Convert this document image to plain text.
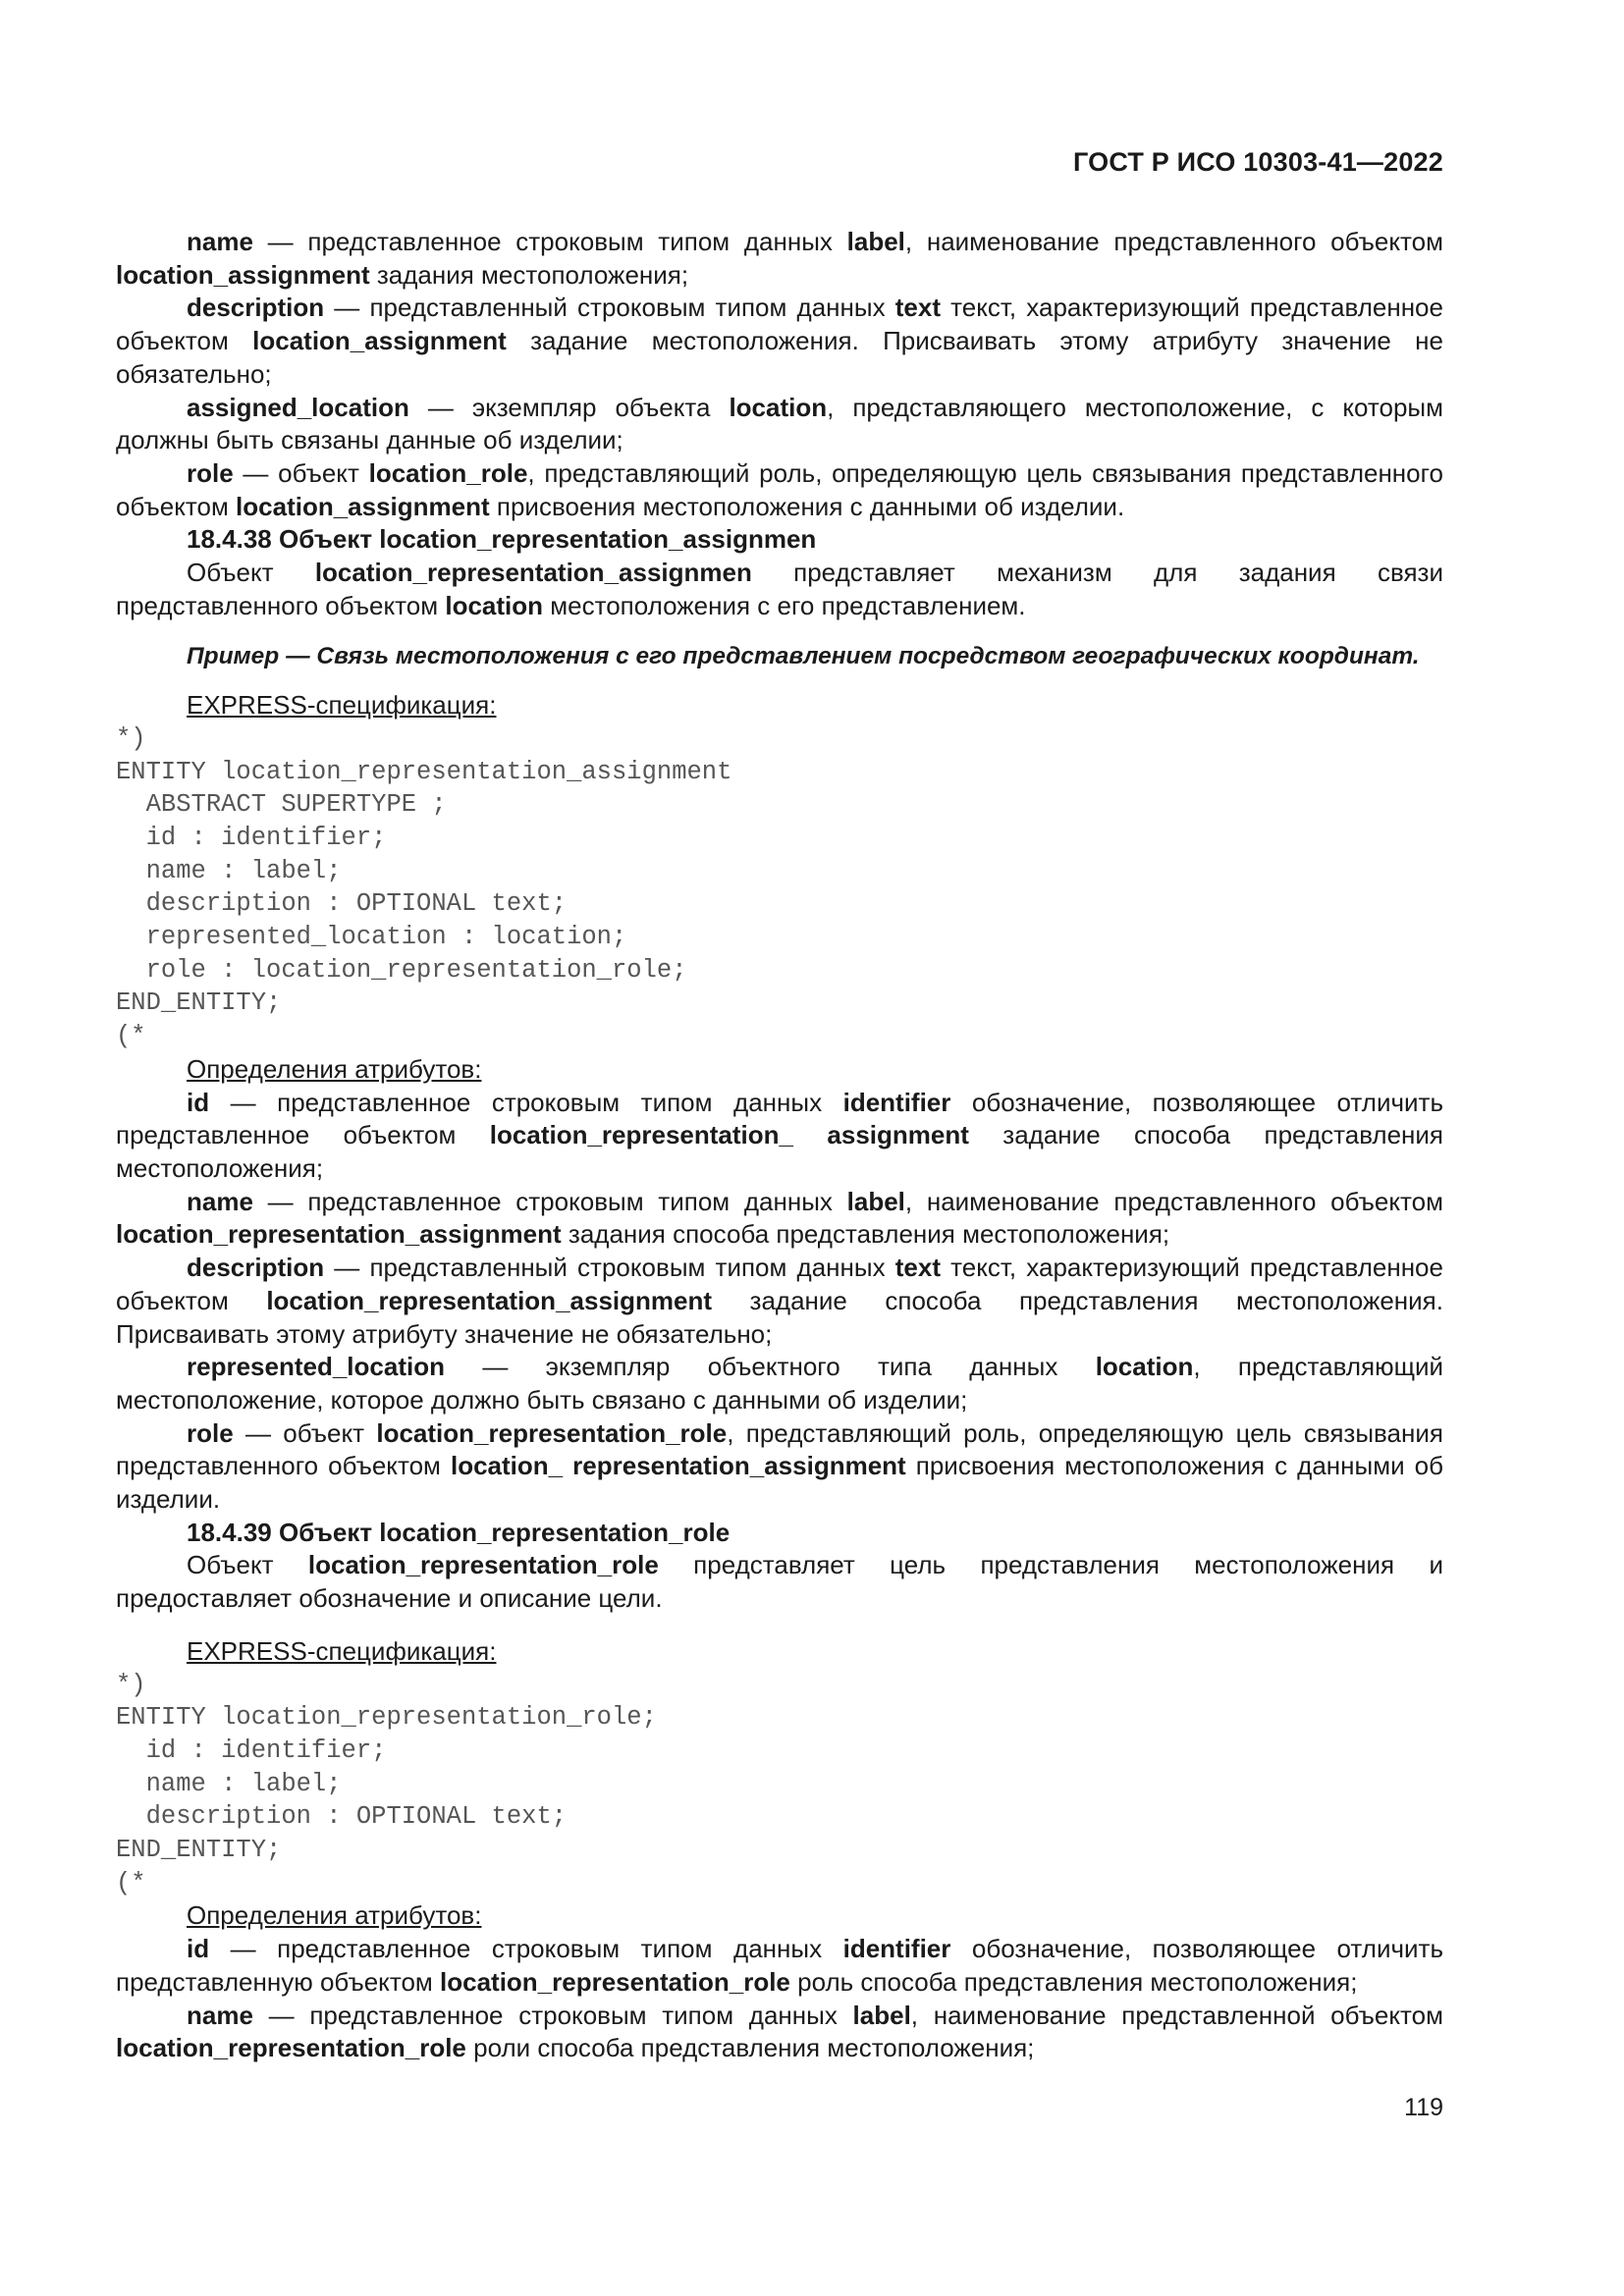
ГОСТ Р ИСО 10303-41—2022

name — представленное строковым типом данных label, наименование представленного объектом location_assignment задания местоположения;

description — представленный строковым типом данных text текст, характеризующий представленное объектом location_assignment задание местоположения. Присваивать этому атрибуту значение не обязательно;

assigned_location — экземпляр объекта location, представляющего местоположение, с которым должны быть связаны данные об изделии;

role — объект location_role, представляющий роль, определяющую цель связывания представленного объектом location_assignment присвоения местоположения с данными об изделии.

18.4.38 Объект location_representation_assignmen

Объект location_representation_assignmen представляет механизм для задания связи представленного объектом location местоположения с его представлением.

Пример — Связь местоположения с его представлением посредством географических координат.

EXPRESS-спецификация:

*)
ENTITY location_representation_assignment
ABSTRACT SUPERTYPE ;
id : identifier;
name : label;
description : OPTIONAL text;
represented_location : location;
role : location_representation_role;
END_ENTITY;
(*

Определения атрибутов:

id — представленное строковым типом данных identifier обозначение, позволяющее отличить представленное объектом location_representation_ assignment задание способа представления местоположения;

name — представленное строковым типом данных label, наименование представленного объектом location_representation_assignment задания способа представления местоположения;

description — представленный строковым типом данных text текст, характеризующий представленное объектом location_representation_assignment задание способа представления местоположения. Присваивать этому атрибуту значение не обязательно;

represented_location — экземпляр объектного типа данных location, представляющий местоположение, которое должно быть связано с данными об изделии;

role — объект location_representation_role, представляющий роль, определяющую цель связывания представленного объектом location_ representation_assignment присвоения местоположения с данными об изделии.

18.4.39 Объект location_representation_role

Объект location_representation_role представляет цель представления местоположения и предоставляет обозначение и описание цели.

EXPRESS-спецификация:

*)
ENTITY location_representation_role;
id : identifier;
name : label;
description : OPTIONAL text;
END_ENTITY;
(*

Определения атрибутов:

id — представленное строковым типом данных identifier обозначение, позволяющее отличить представленную объектом location_representation_role роль способа представления местоположения;

name — представленное строковым типом данных label, наименование представленной объектом location_representation_role роли способа представления местоположения;

119
